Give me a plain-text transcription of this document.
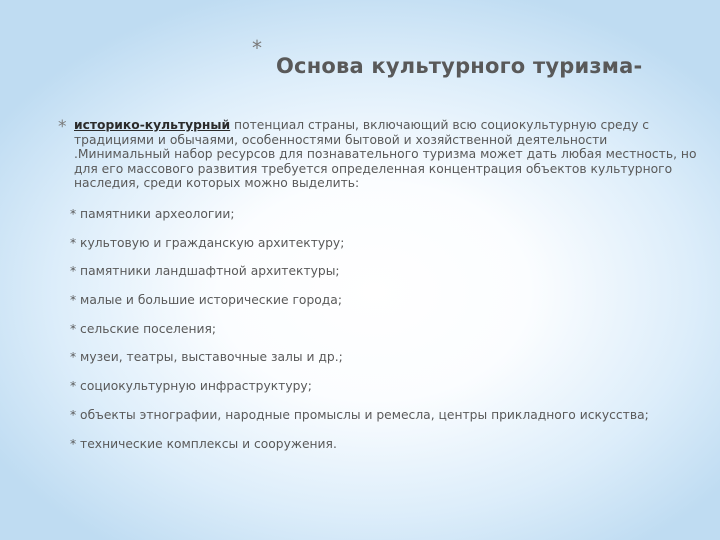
*
Основа культурного туризма-
* историко-культурный потенциал страны, включающий всю социокультурную среду с традициями и обычаями, особенностями бытовой и хозяйственной деятельности .Минимальный набор ресурсов для познавательного туризма может дать любая местность, но для его массового развития требуется определенная концентрация объектов культурного наследия, среди которых можно выделить:
* памятники археологии;
* культовую и гражданскую архитектуру;
* памятники ландшафтной архитектуры;
* малые и большие исторические города;
* сельские поселения;
* музеи, театры, выставочные залы и др.;
* социокультурную инфраструктуру;
* объекты этнографии, народные промыслы и ремесла, центры прикладного искусства;
* технические комплексы и сооружения.
